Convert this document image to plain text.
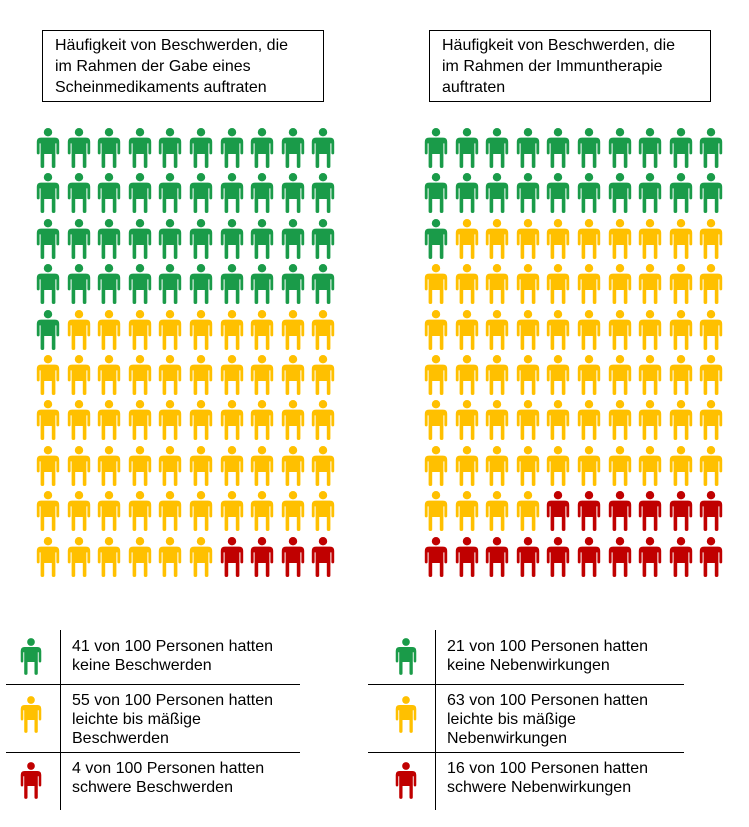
Häufigkeit von Beschwerden, die
im Rahmen der Gabe eines
Scheinmedikaments auftraten
Häufigkeit von Beschwerden, die
im Rahmen der Immuntherapie
auftraten
41 von 100 Personen hatten
keine Beschwerden
55 von 100 Personen hatten
leichte bis mäßige
Beschwerden
4 von 100 Personen hatten
schwere Beschwerden
21 von 100 Personen hatten
keine Nebenwirkungen
63 von 100 Personen hatten
leichte bis mäßige
Nebenwirkungen
16 von 100 Personen hatten
schwere Nebenwirkungen
